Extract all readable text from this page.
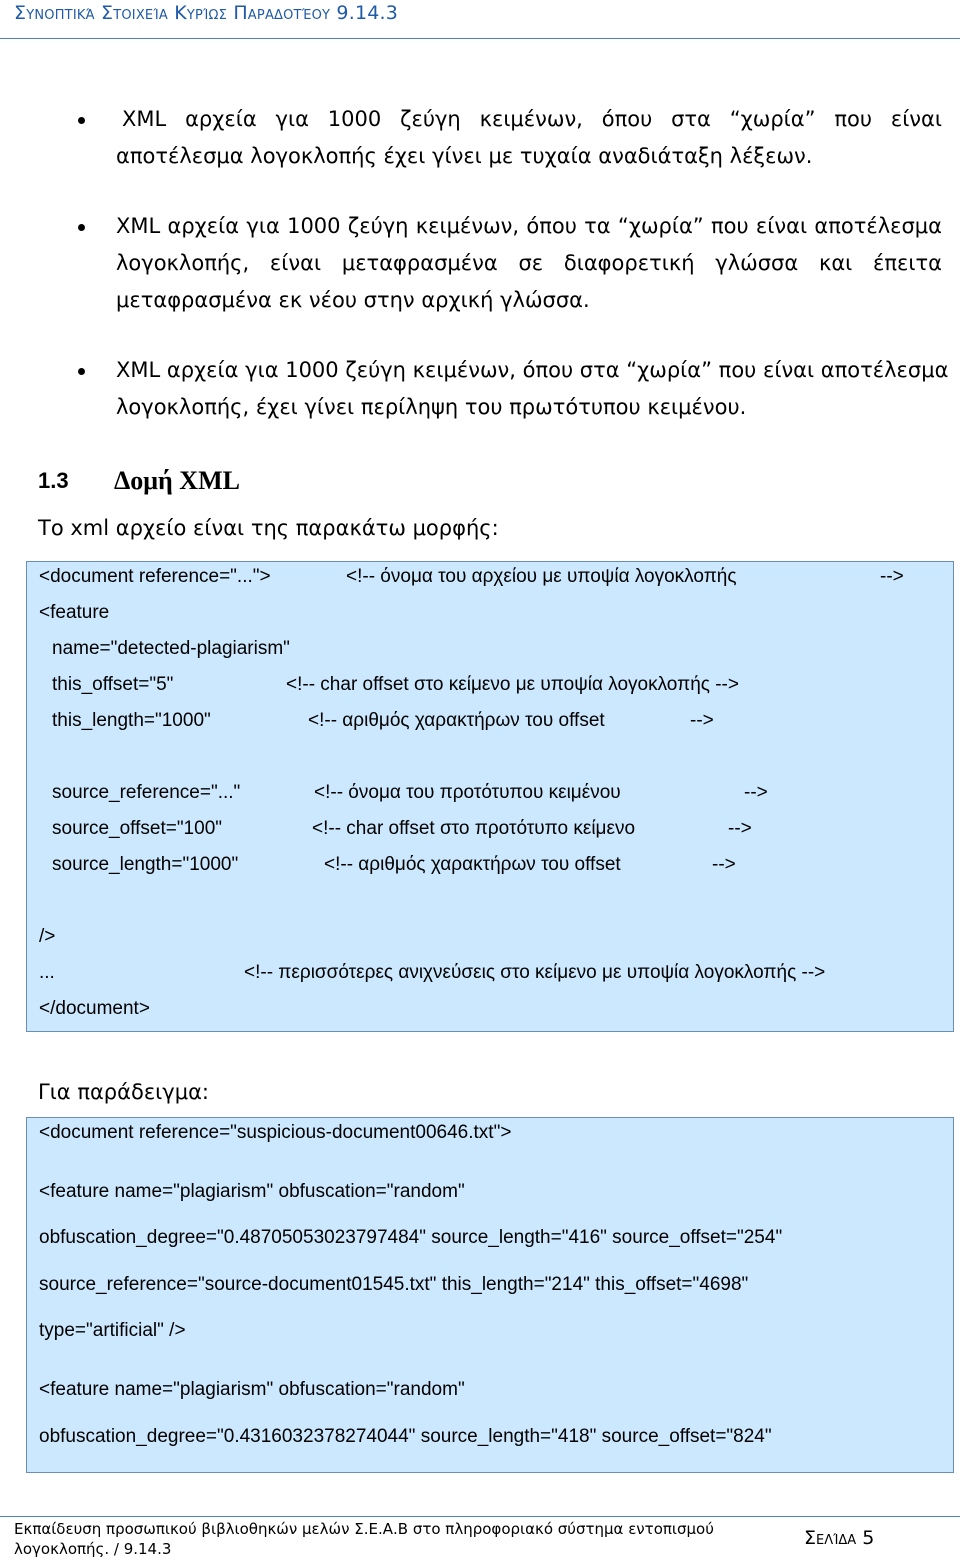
Συνοπτικά Στοιχεία Κυρίως Παραδοτέου 9.14.3
XML αρχεία για 1000 ζεύγη κειμένων, όπου στα “χωρία” που είναι
αποτέλεσμα λογοκλοπής έχει γίνει με τυχαία αναδιάταξη λέξεων.
XML αρχεία για 1000 ζεύγη κειμένων, όπου τα “χωρία” που είναι αποτέλεσμα
λογοκλοπής, είναι μεταφρασμένα σε διαφορετική γλώσσα και έπειτα
μεταφρασμένα εκ νέου στην αρχική γλώσσα.
XML αρχεία για 1000 ζεύγη κειμένων, όπου στα “χωρία” που είναι αποτέλεσμα
λογοκλοπής, έχει γίνει περίληψη του πρωτότυπου κειμένου.
1.3 Δομή XML
Το xml αρχείο είναι της παρακάτω μορφής:
<document reference="...">	<!-- όνομα του αρχείου με υποψία λογοκλοπής	-->
<feature
name="detected-plagiarism"
this_offset="5"	<!-- char offset στο κείμενο με υποψία λογοκλοπής -->
this_length="1000"	<!-- αριθμός χαρακτήρων του offset	-->
source_reference="..."	<!-- όνομα του προτότυπου κειμένου	-->
source_offset="100"	<!-- char offset στο προτότυπο κείμενο	-->
source_length="1000"	<!-- αριθμός χαρακτήρων του offset	-->
/>
...	<!-- περισσότερες ανιχνεύσεις στο κείμενο με υποψία λογοκλοπής -->
</document>
Για παράδειγμα:
<document reference="suspicious-document00646.txt">
<feature name="plagiarism" obfuscation="random"
obfuscation_degree="0.48705053023797484" source_length="416" source_offset="254"
source_reference="source-document01545.txt" this_length="214" this_offset="4698"
type="artificial" />
<feature name="plagiarism" obfuscation="random"
obfuscation_degree="0.4316032378274044" source_length="418" source_offset="824"
Εκπαίδευση προσωπικού βιβλιοθηκών μελών Σ.Ε.Α.Β στο πληροφοριακό σύστημα εντοπισμού
λογοκλοπής. / 9.14.3	Σελίδα 5
